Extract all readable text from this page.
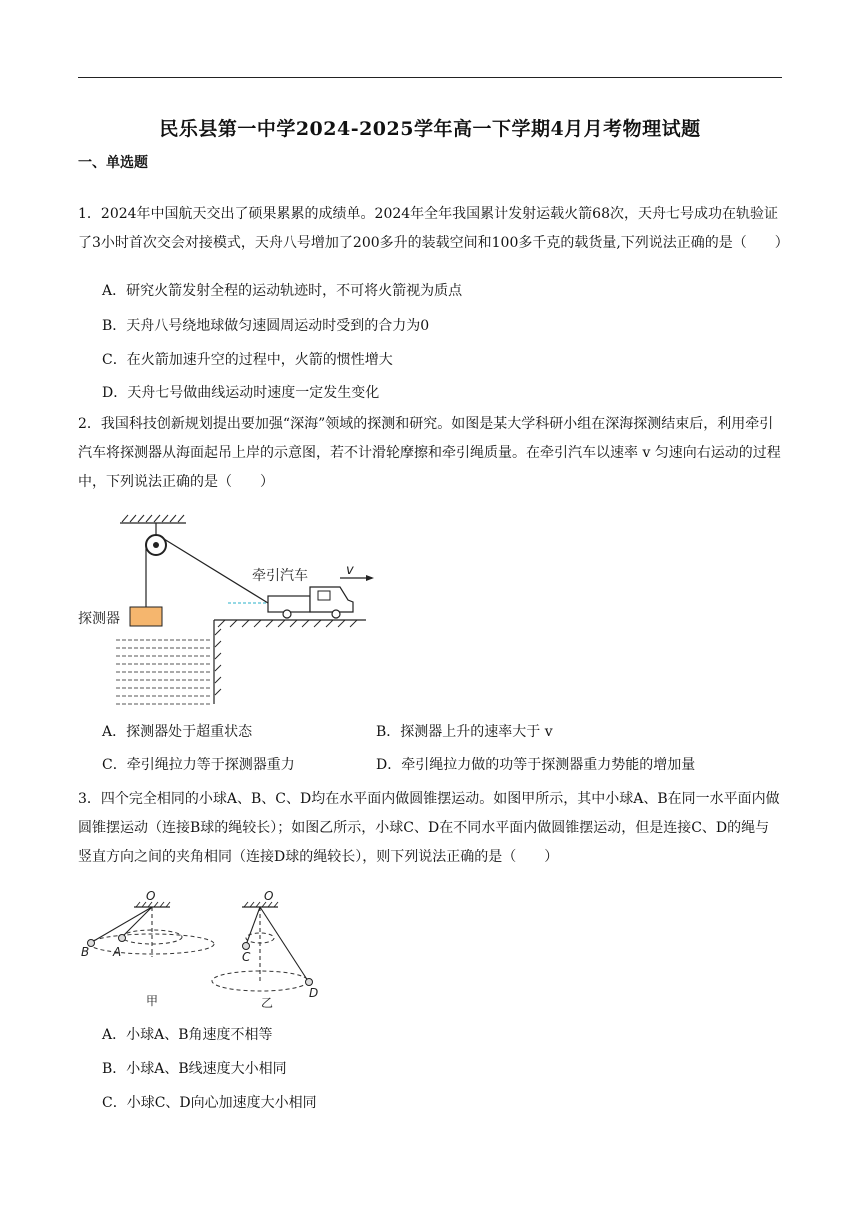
民乐县第一中学2024-2025学年高一下学期4月月考物理试题
一、单选题
1．2024年中国航天交出了硕果累累的成绩单。2024年全年我国累计发射运载火箭68次，天舟七号成功在轨验证了3小时首次交会对接模式，天舟八号增加了200多升的装载空间和100多千克的载货量,下列说法正确的是（　　）
A．研究火箭发射全程的运动轨迹时，不可将火箭视为质点
B．天舟八号绕地球做匀速圆周运动时受到的合力为0
C．在火箭加速升空的过程中，火箭的惯性增大
D．天舟七号做曲线运动时速度一定发生变化
2．我国科技创新规划提出要加强“深海”领域的探测和研究。如图是某大学科研小组在深海探测结束后，利用牵引汽车将探测器从海面起吊上岸的示意图，若不计滑轮摩擦和牵引绳质量。在牵引汽车以速率 v 匀速向右运动的过程中，下列说法正确的是（　　）
探测器
牵引汽车	v
A．探测器处于超重状态	B．探测器上升的速率大于 v
C．牵引绳拉力等于探测器重力	D．牵引绳拉力做的功等于探测器重力势能的增加量
3．四个完全相同的小球A、B、C、D均在水平面内做圆锥摆运动。如图甲所示，其中小球A、B在同一水平面内做圆锥摆运动（连接B球的绳较长）；如图乙所示，小球C、D在不同水平面内做圆锥摆运动，但是连接C、D的绳与竖直方向之间的夹角相同（连接D球的绳较长），则下列说法正确的是（　　）
O
A
B
甲
O
C
D
乙
A．小球A、B角速度不相等
B．小球A、B线速度大小相同
C．小球C、D向心加速度大小相同
